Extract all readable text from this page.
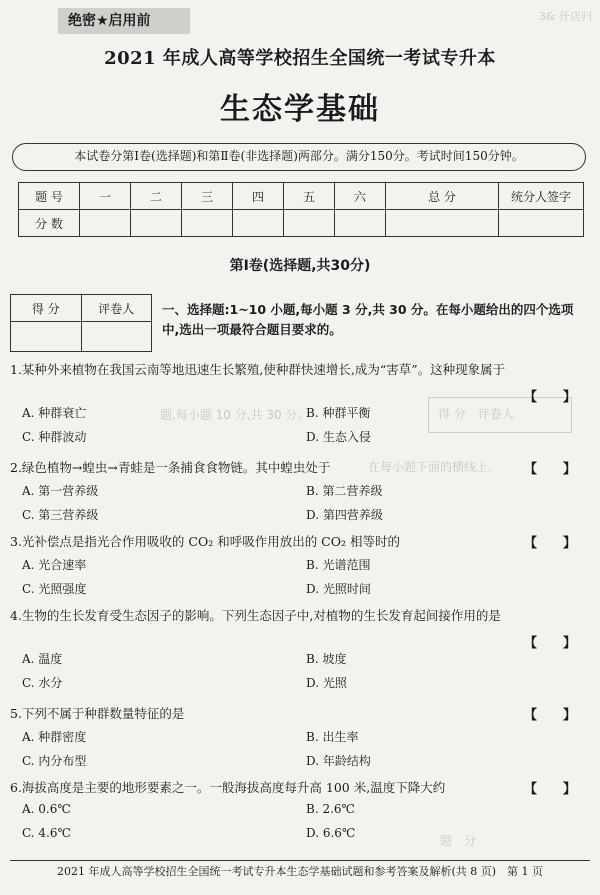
绝密★启用前	3& 仟店归
2021 年成人高等学校招生全国统一考试专升本
生态学基础
本试卷分第Ⅰ卷(选择题)和第Ⅱ卷(非选择题)两部分。满分150分。考试时间150分钟。
题 号	一	二	三	四	五	六	总 分	统分人签字
分 数								
第Ⅰ卷(选择题,共30分)
得 分	评卷人
	一、选择题:1~10 小题,每小题 3 分,共 30 分。在每小题给出的四个选项中,选出一项最符合题目要求的。
题,每小题 10 分,共 30 分。	得 分　评卷人
在每小题下面的横线上。
1.某种外来植物在我国云南等地迅速生长繁殖,使种群快速增长,成为“害草”。这种现象属于
【　　】
A. 种群衰亡	B. 种群平衡
C. 种群波动	D. 生态入侵
2.绿色植物→蝗虫→青蛙是一条捕食食物链。其中蝗虫处于	【　　】
A. 第一营养级	B. 第二营养级
C. 第三营养级	D. 第四营养级
3.光补偿点是指光合作用吸收的 CO₂ 和呼吸作用放出的 CO₂ 相等时的	【　　】
A. 光合速率	B. 光谱范围
C. 光照强度	D. 光照时间
4.生物的生长发育受生态因子的影响。下列生态因子中,对植物的生长发育起间接作用的是
【　　】
A. 温度	B. 坡度
C. 水分	D. 光照
5.下列不属于种群数量特征的是	【　　】
A. 种群密度	B. 出生率
C. 内分布型	D. 年龄结构
6.海拔高度是主要的地形要素之一。一般海拔高度每升高 100 米,温度下降大约	【　　】
A. 0.6℃	B. 2.6℃
C. 4.6℃	D. 6.6℃
题　分
2021 年成人高等学校招生全国统一考试专升本生态学基础试题和参考答案及解析(共 8 页)　第 1 页
